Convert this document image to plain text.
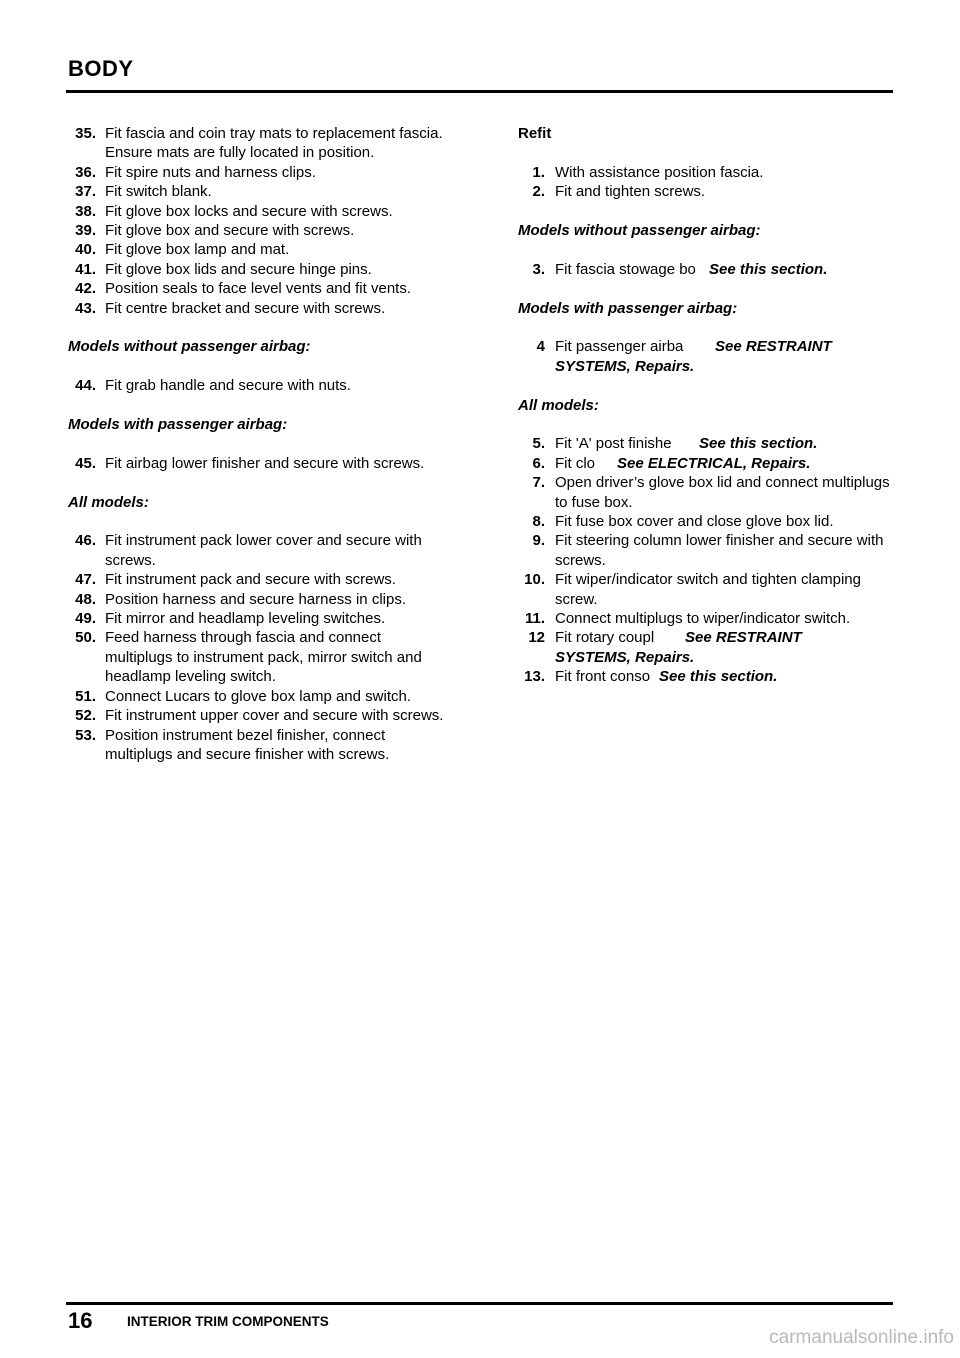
BODY
35. Fit fascia and coin tray mats to replacement fascia. Ensure mats are fully located in position.
36. Fit spire nuts and harness clips.
37. Fit switch blank.
38. Fit glove box locks and secure with screws.
39. Fit glove box and secure with screws.
40. Fit glove box lamp and mat.
41. Fit glove box lids and secure hinge pins.
42. Position seals to face level vents and fit vents.
43. Fit centre bracket and secure with screws.

Models without passenger airbag:

44. Fit grab handle and secure with nuts.

Models with passenger airbag:

45. Fit airbag lower finisher and secure with screws.

All models:

46. Fit instrument pack lower cover and secure with screws.
47. Fit instrument pack and secure with screws.
48. Position harness and secure harness in clips.
49. Fit mirror and headlamp leveling switches.
50. Feed harness through fascia and connect multiplugs to instrument pack, mirror switch and headlamp leveling switch.
51. Connect Lucars to glove box lamp and switch.
52. Fit instrument upper cover and secure with screws.
53. Position instrument bezel finisher, connect multiplugs and secure finisher with screws.

Refit

1. With assistance position fascia.
2. Fit and tighten screws.

Models without passenger airbag:

3. Fit fascia stowage bo See this section.

Models with passenger airbag:

4 Fit passenger airba See RESTRAINT
SYSTEMS, Repairs.

All models:

5. Fit 'A' post finishe See this section.
6. Fit clo See ELECTRICAL, Repairs.
7. Open driver’s glove box lid and connect multiplugs to fuse box.
8. Fit fuse box cover and close glove box lid.
9. Fit steering column lower finisher and secure with screws.
10. Fit wiper/indicator switch and tighten clamping screw.
11. Connect multiplugs to wiper/indicator switch.
12 Fit rotary coupl See RESTRAINT
SYSTEMS, Repairs.
13. Fit front conso See this section.
16	INTERIOR TRIM COMPONENTS
carmanualsonline.info
